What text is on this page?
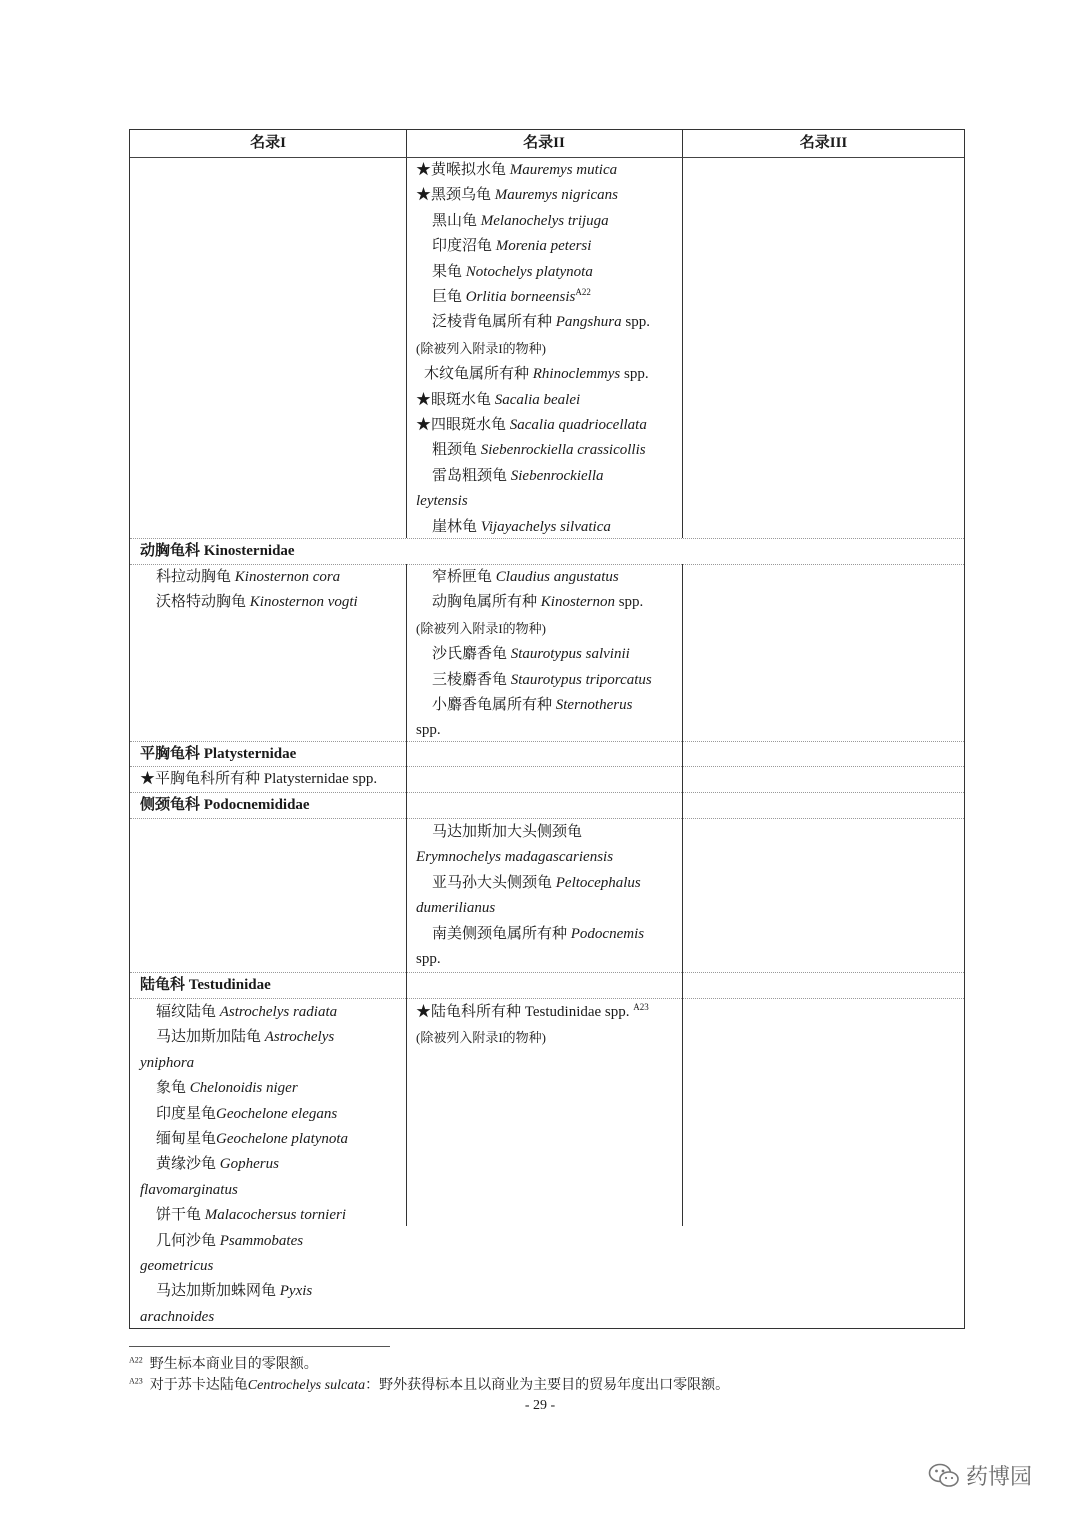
名录I	名录II	名录III
★黄喉拟水龟 Mauremys mutica
★黑颈乌龟 Mauremys nigricans
黑山龟 Melanochelys trijuga
印度沼龟 Morenia petersi
果龟 Notochelys platynota
巨龟 Orlitia borneensis$^{A22}$
泛棱背龟属所有种 Pangshura spp.
(除被列入附录I的物种)
木纹龟属所有种 Rhinoclemmys spp.
★眼斑水龟 Sacalia bealei
★四眼斑水龟 Sacalia quadriocellata
粗颈龟 Siebenrockiella crassicollis
雷岛粗颈龟 Siebenrockiella
leytensis
崖林龟 Vijayachelys silvatica
动胸龟科 Kinosternidae
科拉动胸龟 Kinosternon cora
沃格特动胸龟 Kinosternon vogti
窄桥匣龟 Claudius angustatus
动胸龟属所有种 Kinosternon spp.
(除被列入附录I的物种)
沙氏麝香龟 Staurotypus salvinii
三棱麝香龟 Staurotypus triporcatus
小麝香龟属所有种 Sternotherus
spp.
平胸龟科 Platysternidae
★平胸龟科所有种 Platysternidae spp.
侧颈龟科 Podocnemididae
马达加斯加大头侧颈龟
Erymnochelys madagascariensis
亚马孙大头侧颈龟 Peltocephalus
dumerilianus
南美侧颈龟属所有种 Podocnemis
spp.
陆龟科 Testudinidae
辐纹陆龟 Astrochelys radiata
马达加斯加陆龟 Astrochelys
yniphora
象龟 Chelonoidis niger
印度星龟Geochelone elegans
缅甸星龟Geochelone platynota
黄缘沙龟 Gopherus
flavomarginatus
饼干龟 Malacochersus tornieri
几何沙龟 Psammobates
geometricus
马达加斯加蛛网龟 Pyxis
arachnoides
★陆龟科所有种 Testudinidae spp. $^{A23}$
(除被列入附录I的物种)
$^{A22}$ 野生标本商业目的零限额。
$^{A23}$ 对于苏卡达陆龟Centrochelys sulcata：野外获得标本且以商业为主要目的贸易年度出口零限额。
- 29 -
药博园
